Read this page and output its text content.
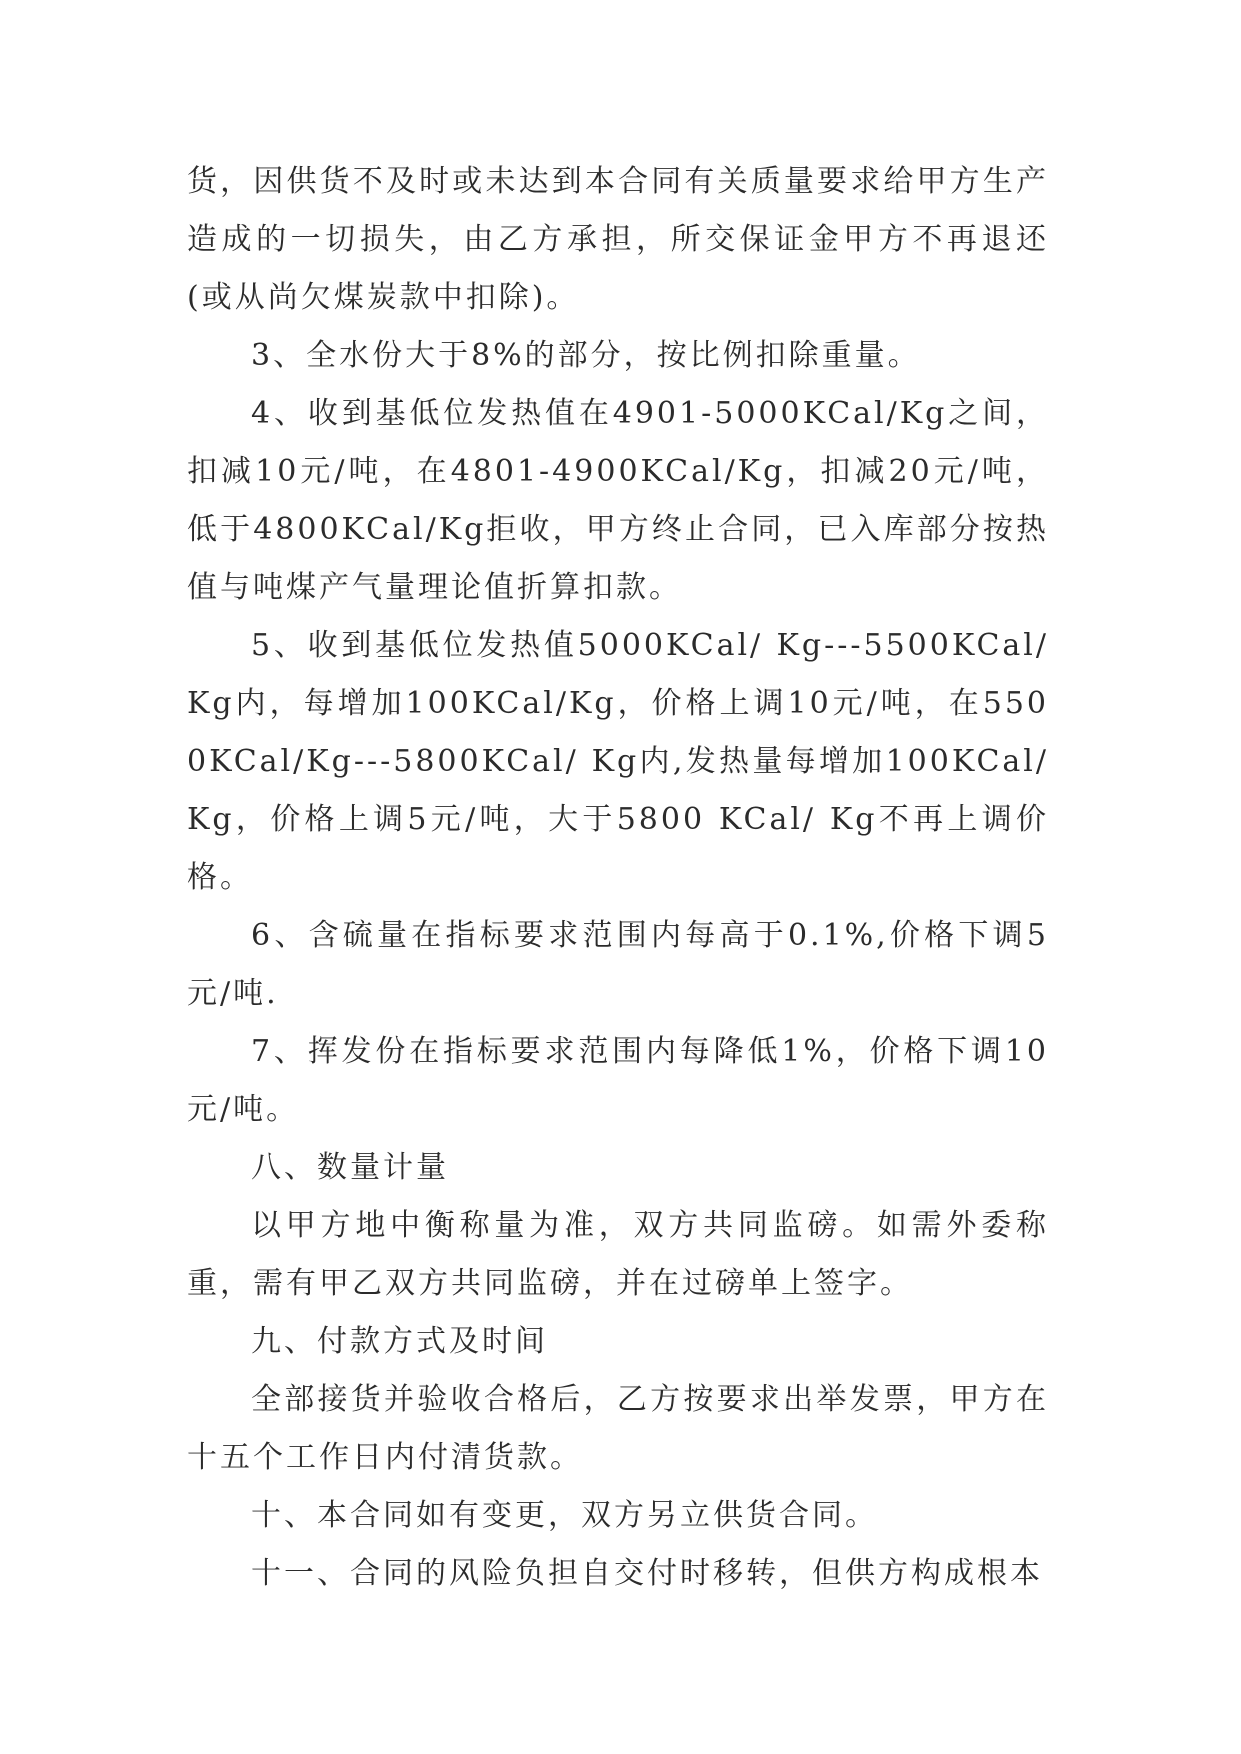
货，因供货不及时或未达到本合同有关质量要求给甲方生产造成的一切损失，由乙方承担，所交保证金甲方不再退还(或从尚欠煤炭款中扣除)。

3、全水份大于8%的部分，按比例扣除重量。

4、收到基低位发热值在4901-5000KCal/Kg之间，扣减10元/吨，在4801-4900KCal/Kg，扣减20元/吨，低于4800KCal/Kg拒收，甲方终止合同，已入库部分按热值与吨煤产气量理论值折算扣款。

5、收到基低位发热值5000KCal/ Kg---5500KCal/ Kg内，每增加100KCal/Kg，价格上调10元/吨，在5500KCal/Kg---5800KCal/ Kg内,发热量每增加100KCal/ Kg，价格上调5元/吨，大于5800 KCal/ Kg不再上调价格。

6、含硫量在指标要求范围内每高于0.1%,价格下调5元/吨.

7、挥发份在指标要求范围内每降低1%，价格下调10元/吨。

八、数量计量

以甲方地中衡称量为准，双方共同监磅。如需外委称重，需有甲乙双方共同监磅，并在过磅单上签字。

九、付款方式及时间

全部接货并验收合格后，乙方按要求出举发票，甲方在十五个工作日内付清货款。

十、本合同如有变更，双方另立供货合同。

十一、合同的风险负担自交付时移转，但供方构成根本
